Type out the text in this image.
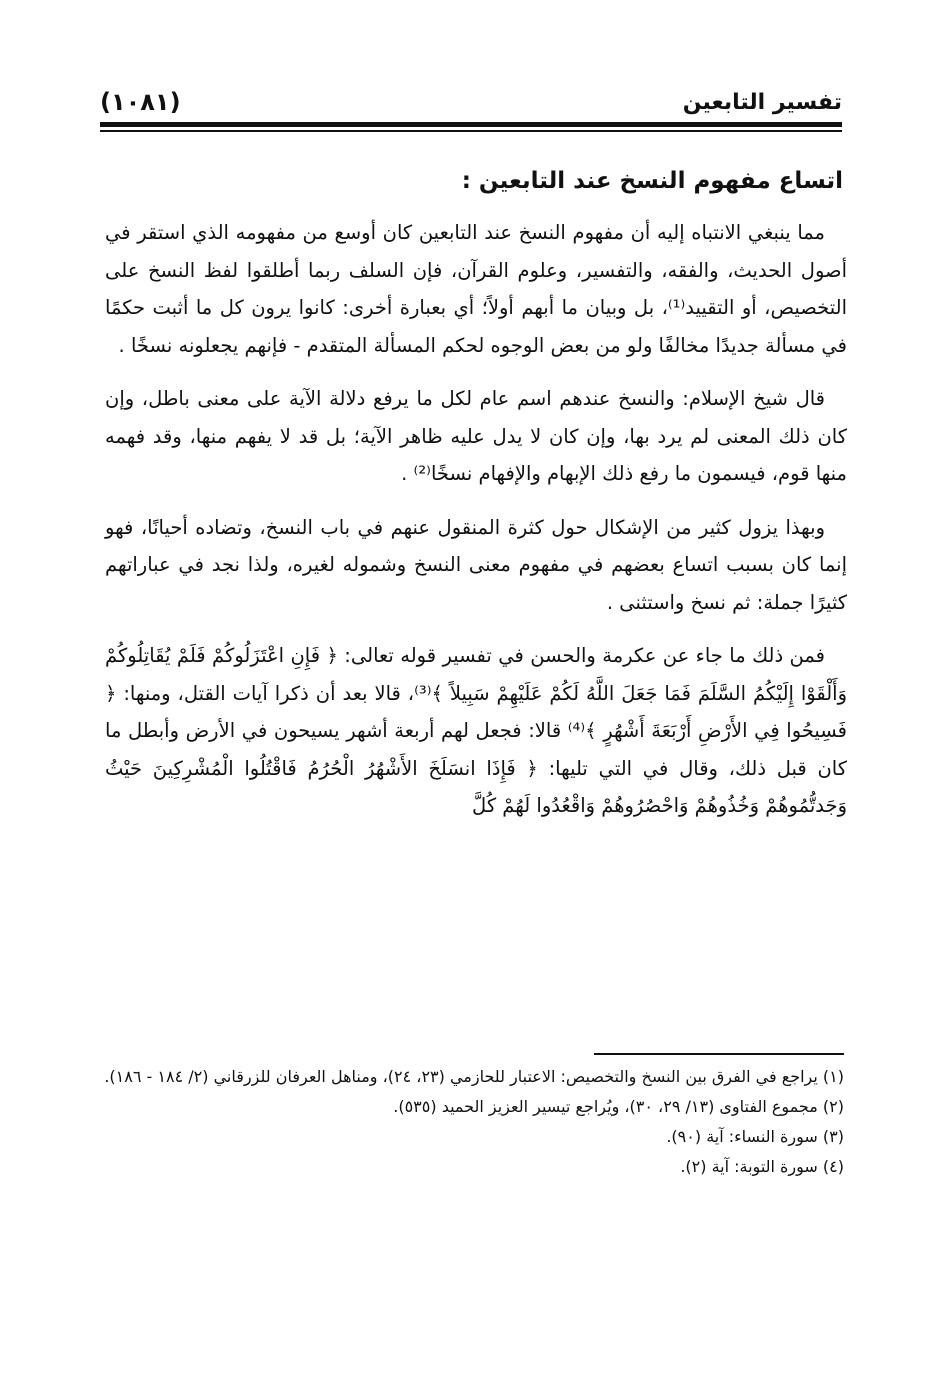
تفسير التابعين
(١٠٨١)
اتساع مفهوم النسخ عند التابعين :

مما ينبغي الانتباه إليه أن مفهوم النسخ عند التابعين كان أوسع من مفهومه الذي استقر في أصول الحديث، والفقه، والتفسير، وعلوم القرآن، فإن السلف ربما أطلقوا لفظ النسخ على التخصيص، أو التقييد⁽¹⁾، بل وبيان ما أبهم أولاً؛ أي بعبارة أخرى: كانوا يرون كل ما أثبت حكمًا في مسألة جديدًا مخالفًا ولو من بعض الوجوه لحكم المسألة المتقدم - فإنهم يجعلونه نسخًا .

قال شيخ الإسلام: والنسخ عندهم اسم عام لكل ما يرفع دلالة الآية على معنى باطل، وإن كان ذلك المعنى لم يرد بها، وإن كان لا يدل عليه ظاهر الآية؛ بل قد لا يفهم منها، وقد فهمه منها قوم، فيسمون ما رفع ذلك الإبهام والإفهام نسخًا⁽²⁾ .

وبهذا يزول كثير من الإشكال حول كثرة المنقول عنهم في باب النسخ، وتضاده أحيانًا، فهو إنما كان بسبب اتساع بعضهم في مفهوم معنى النسخ وشموله لغيره، ولذا نجد في عباراتهم كثيرًا جملة: ثم نسخ واستثنى .

فمن ذلك ما جاء عن عكرمة والحسن في تفسير قوله تعالى: ﴿ فَإِنِ اعْتَزَلُوكُمْ فَلَمْ يُقَاتِلُوكُمْ وَأَلْقَوْا إِلَيْكُمُ السَّلَمَ فَمَا جَعَلَ اللَّهُ لَكُمْ عَلَيْهِمْ سَبِيلاً ﴾⁽³⁾، قالا بعد أن ذكرا آيات القتل، ومنها: ﴿ فَسِيحُوا فِي الأَرْضِ أَرْبَعَةَ أَشْهُرٍ ﴾⁽⁴⁾ قالا: فجعل لهم أربعة أشهر يسيحون في الأرض وأبطل ما كان قبل ذلك، وقال في التي تليها: ﴿ فَإِذَا انسَلَخَ الأَشْهُرُ الْحُرُمُ فَاقْتُلُوا الْمُشْرِكِينَ حَيْثُ وَجَدتُّمُوهُمْ وَخُذُوهُمْ وَاحْصُرُوهُمْ وَاقْعُدُوا لَهُمْ كُلَّ

(١) يراجع في الفرق بين النسخ والتخصيص: الاعتبار للحازمي (٢٣، ٢٤)، ومناهل العرفان للزرقاني (٢/ ١٨٤ - ١٨٦).

(٢) مجموع الفتاوى (١٣/ ٢٩، ٣٠)، ويُراجع تيسير العزيز الحميد (٥٣٥).

(٣) سورة النساء: آية (٩٠).

(٤) سورة التوبة: آية (٢).
